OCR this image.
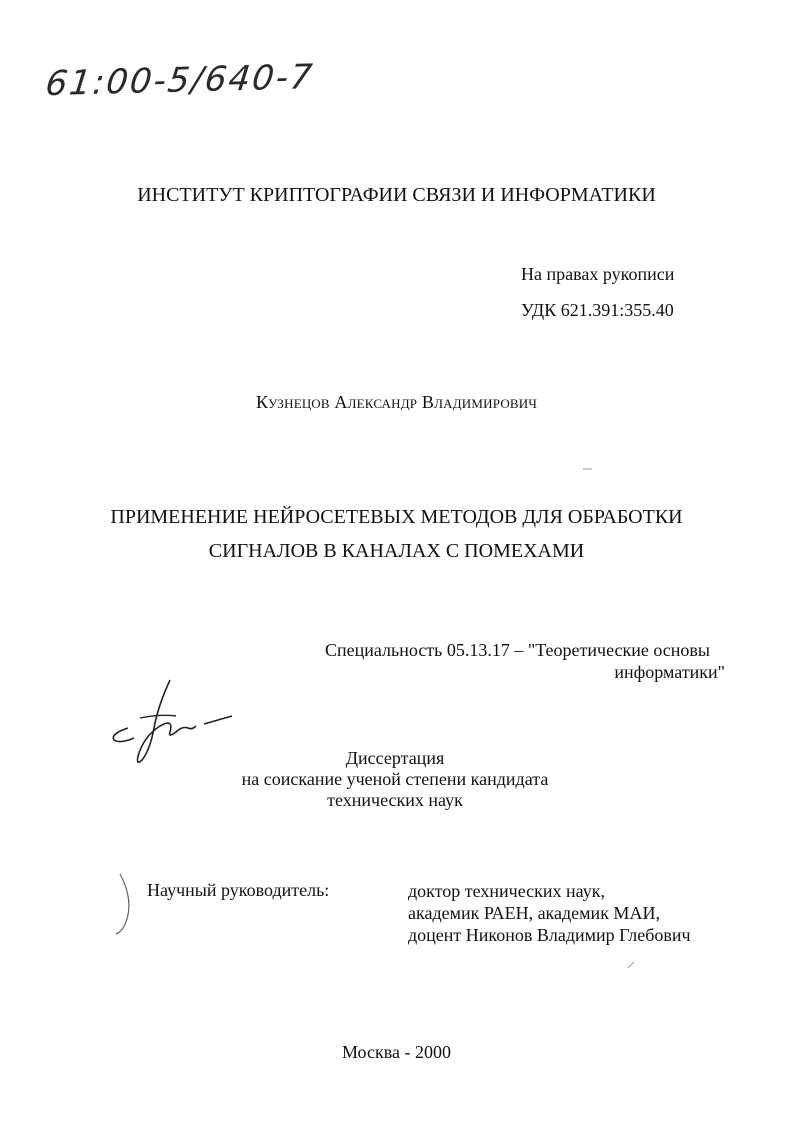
61:00-5/640-7
ИНСТИТУТ КРИПТОГРАФИИ СВЯЗИ И ИНФОРМАТИКИ
На правах рукописи
УДК 621.391:355.40
Кузнецов Александр Владимирович
ПРИМЕНЕНИЕ НЕЙРОСЕТЕВЫХ МЕТОДОВ ДЛЯ ОБРАБОТКИ
СИГНАЛОВ В КАНАЛАХ С ПОМЕХАМИ
Специальность 05.13.17 – "Теоретические основы
информатики"
Диссертация
на соискание ученой степени кандидата
технических наук
Научный руководитель:	доктор технических наук,
академик РАЕН, академик МАИ,
доцент Никонов Владимир Глебович
Москва - 2000
